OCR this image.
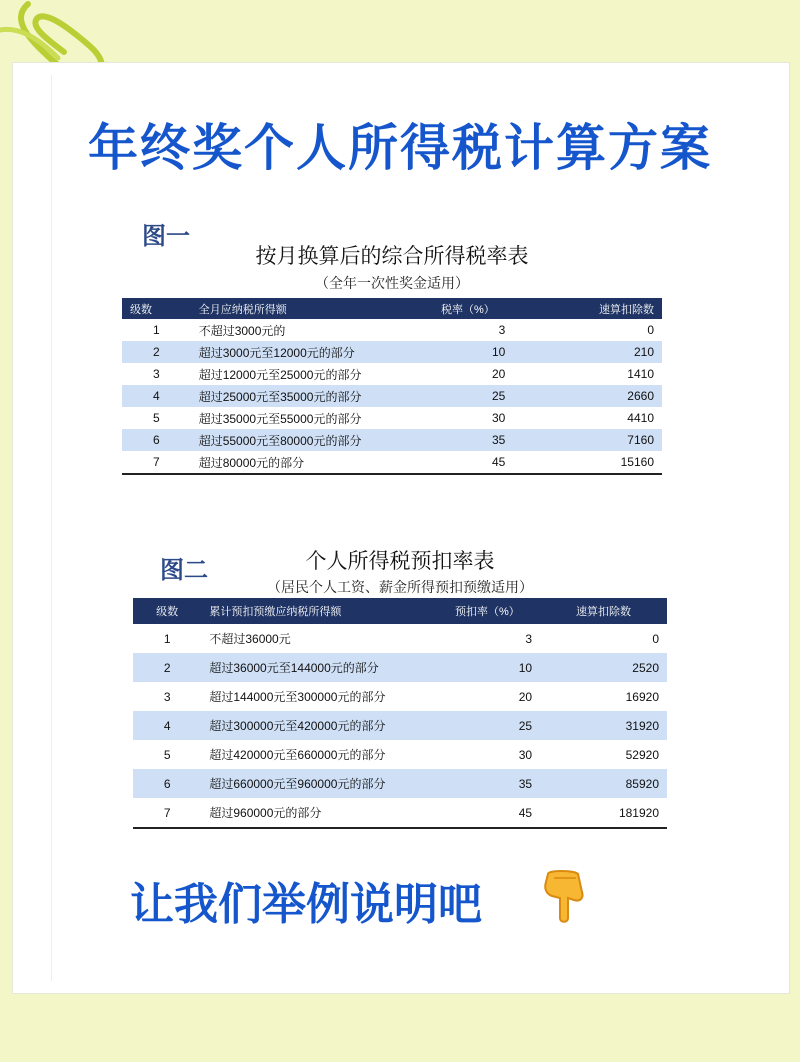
年终奖个人所得税计算方案
图一
按月换算后的综合所得税率表
（全年一次性奖金适用）
级数	全月应纳税所得额	税率（%）	速算扣除数
1	不超过3000元的	3	0
2	超过3000元至12000元的部分	10	210
3	超过12000元至25000元的部分	20	1410
4	超过25000元至35000元的部分	25	2660
5	超过35000元至55000元的部分	30	4410
6	超过55000元至80000元的部分	35	7160
7	超过80000元的部分	45	15160
图二	个人所得税预扣率表
（居民个人工资、薪金所得预扣预缴适用）
级数	累计预扣预缴应纳税所得额	预扣率（%）	速算扣除数
1	不超过36000元	3	0
2	超过36000元至144000元的部分	10	2520
3	超过144000元至300000元的部分	20	16920
4	超过300000元至420000元的部分	25	31920
5	超过420000元至660000元的部分	30	52920
6	超过660000元至960000元的部分	35	85920
7	超过960000元的部分	45	181920
让我们举例说明吧
